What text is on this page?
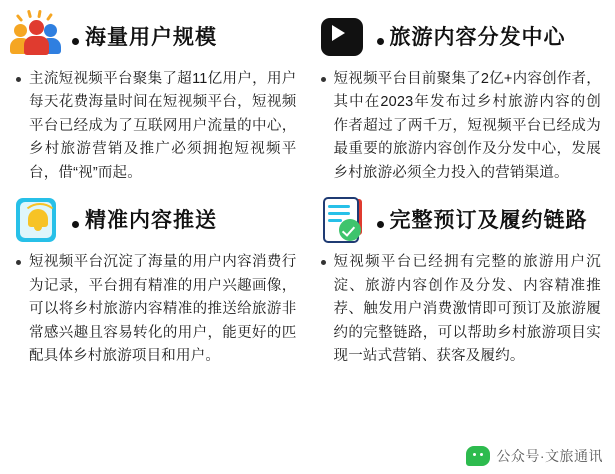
海量用户规模
主流短视频平台聚集了超11亿用户，用户每天花费海量时间在短视频平台，短视频平台已经成为了互联网用户流量的中心，乡村旅游营销及推广必须拥抱短视频平台，借“视”而起。
旅游内容分发中心
短视频平台目前聚集了2亿+内容创作者，其中在2023年发布过乡村旅游内容的创作者超过了两千万，短视频平台已经成为最重要的旅游内容创作及分发中心，发展乡村旅游必须全力投入的营销渠道。
精准内容推送
短视频平台沉淀了海量的用户内容消费行为记录，平台拥有精准的用户兴趣画像，可以将乡村旅游内容精准的推送给旅游非常感兴趣且容易转化的用户，能更好的匹配具体乡村旅游项目和用户。
完整预订及履约链路
短视频平台已经拥有完整的旅游用户沉淀、旅游内容创作及分发、内容精准推荐、触发用户消费激情即可预订及旅游履约的完整链路，可以帮助乡村旅游项目实现一站式营销、获客及履约。
公众号·文旅通讯
